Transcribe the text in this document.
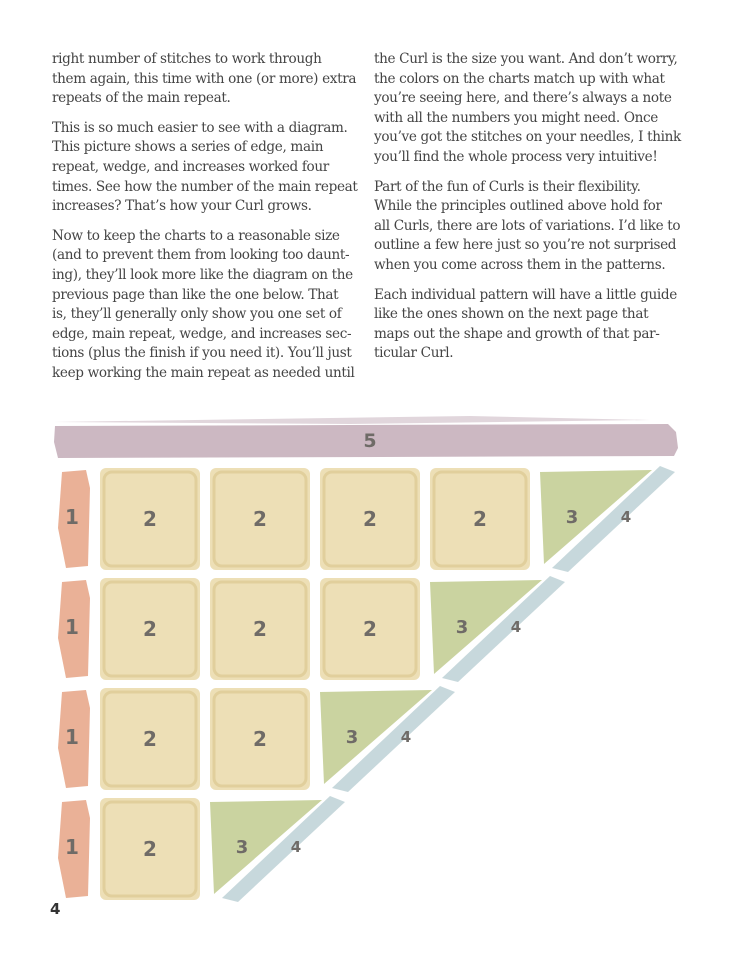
right number of stitches to work through
them again, this time with one (or more) extra
repeats of the main repeat.

This is so much easier to see with a diagram.
This picture shows a series of edge, main
repeat, wedge, and increases worked four
times. See how the number of the main repeat
increases? That’s how your Curl grows.

Now to keep the charts to a reasonable size
(and to prevent them from looking too daunt-
ing), they’ll look more like the diagram on the
previous page than like the one below. That
is, they’ll generally only show you one set of
edge, main repeat, wedge, and increases sec-
tions (plus the finish if you need it). You’ll just
keep working the main repeat as needed until

the Curl is the size you want. And don’t worry,
the colors on the charts match up with what
you’re seeing here, and there’s always a note
with all the numbers you might need. Once
you’ve got the stitches on your needles, I think
you’ll find the whole process very intuitive!

Part of the fun of Curls is their flexibility.
While the principles outlined above hold for
all Curls, there are lots of variations. I’d like to
outline a few here just so you’re not surprised
when you come across them in the patterns.

Each individual pattern will have a little guide
like the ones shown on the next page that
maps out the shape and growth of that par-
ticular Curl.

5
1	2	2	2	2	3	4
1	2	2	2	3	4
1	2	2	3	4
1	2	3	4
4
